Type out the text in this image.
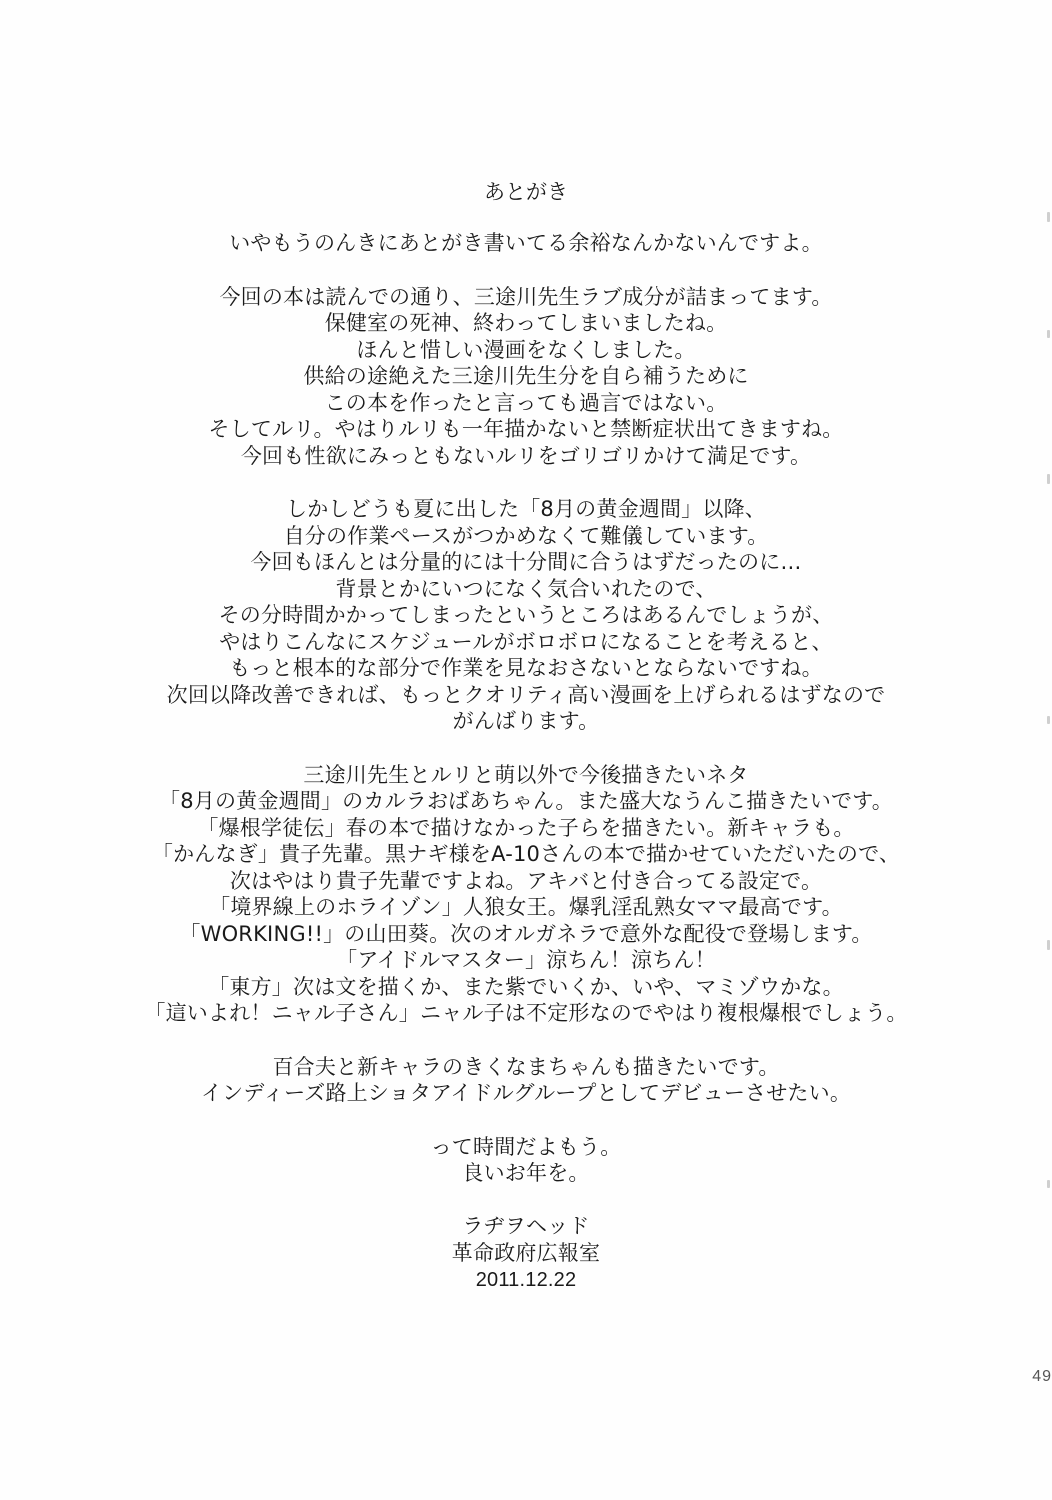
あとがき
いやもうのんきにあとがき書いてる余裕なんかないんですよ。
今回の本は読んでの通り、三途川先生ラブ成分が詰まってます。
保健室の死神、終わってしまいましたね。
ほんと惜しい漫画をなくしました。
供給の途絶えた三途川先生分を自ら補うために
この本を作ったと言っても過言ではない。
そしてルリ。やはりルリも一年描かないと禁断症状出てきますね。
今回も性欲にみっともないルリをゴリゴリかけて満足です。
しかしどうも夏に出した「8月の黄金週間」以降、
自分の作業ペースがつかめなくて難儀しています。
今回もほんとは分量的には十分間に合うはずだったのに…
背景とかにいつになく気合いれたので、
その分時間かかってしまったというところはあるんでしょうが、
やはりこんなにスケジュールがボロボロになることを考えると、
もっと根本的な部分で作業を見なおさないとならないですね。
次回以降改善できれば、もっとクオリティ高い漫画を上げられるはずなので
がんばります。
三途川先生とルリと萌以外で今後描きたいネタ
「8月の黄金週間」のカルラおばあちゃん。また盛大なうんこ描きたいです。
「爆根学徒伝」春の本で描けなかった子らを描きたい。新キャラも。
「かんなぎ」貴子先輩。黒ナギ様をA-10さんの本で描かせていただいたので、
次はやはり貴子先輩ですよね。アキバと付き合ってる設定で。
「境界線上のホライゾン」人狼女王。爆乳淫乱熟女ママ最高です。
「WORKING!!」の山田葵。次のオルガネラで意外な配役で登場します。
「アイドルマスター」涼ちん！涼ちん！
「東方」次は文を描くか、また紫でいくか、いや、マミゾウかな。
「這いよれ！ニャル子さん」ニャル子は不定形なのでやはり複根爆根でしょう。
百合夫と新キャラのきくなまちゃんも描きたいです。
インディーズ路上ショタアイドルグループとしてデビューさせたい。
って時間だよもう。
良いお年を。
ラヂヲヘッド
革命政府広報室
2011.12.22
49
